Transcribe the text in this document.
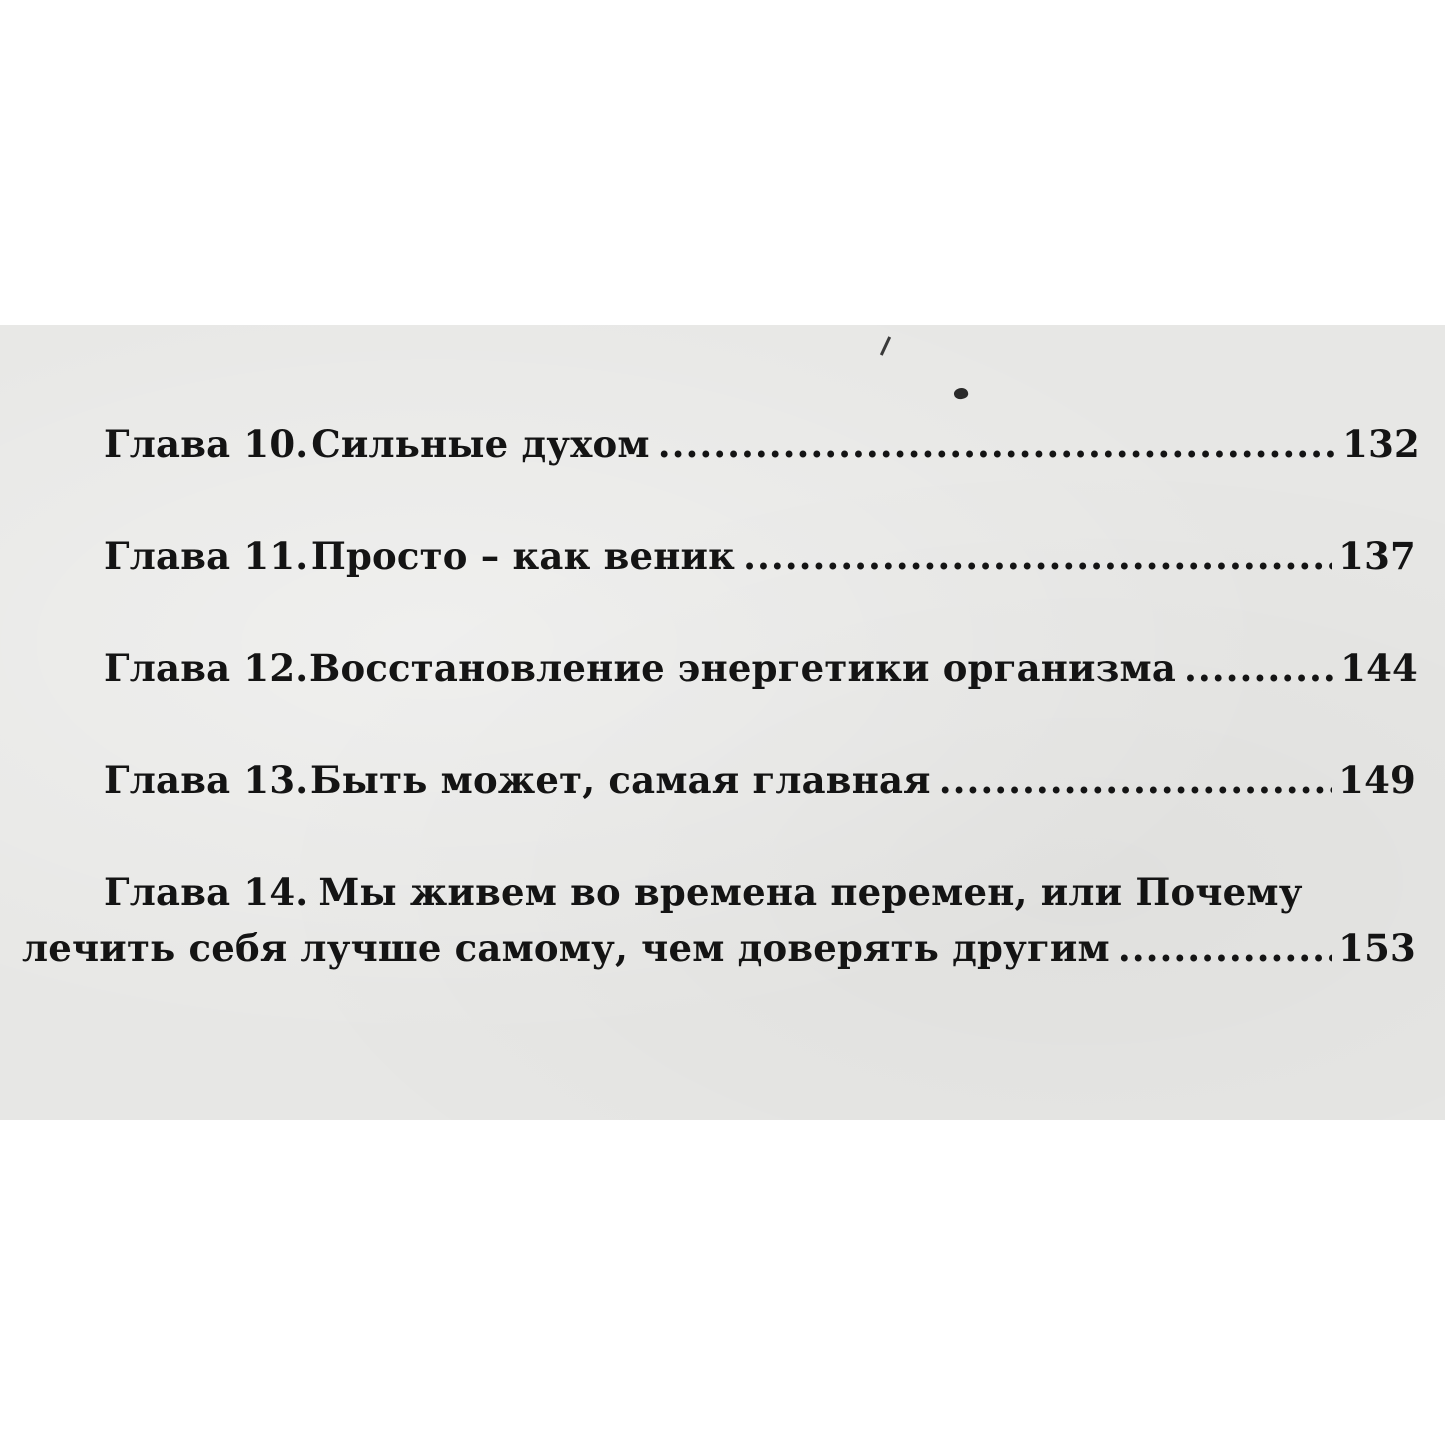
Глава 10. Сильные духом .....	132
Глава 11. Просто – как веник .....	137
Глава 12. Восстановление энергетики организма .....	144
Глава 13. Быть может, самая главная .....	149
Глава 14. Мы живем во времена перемен, или Почему
лечить себя лучше самому, чем доверять другим .....	153
